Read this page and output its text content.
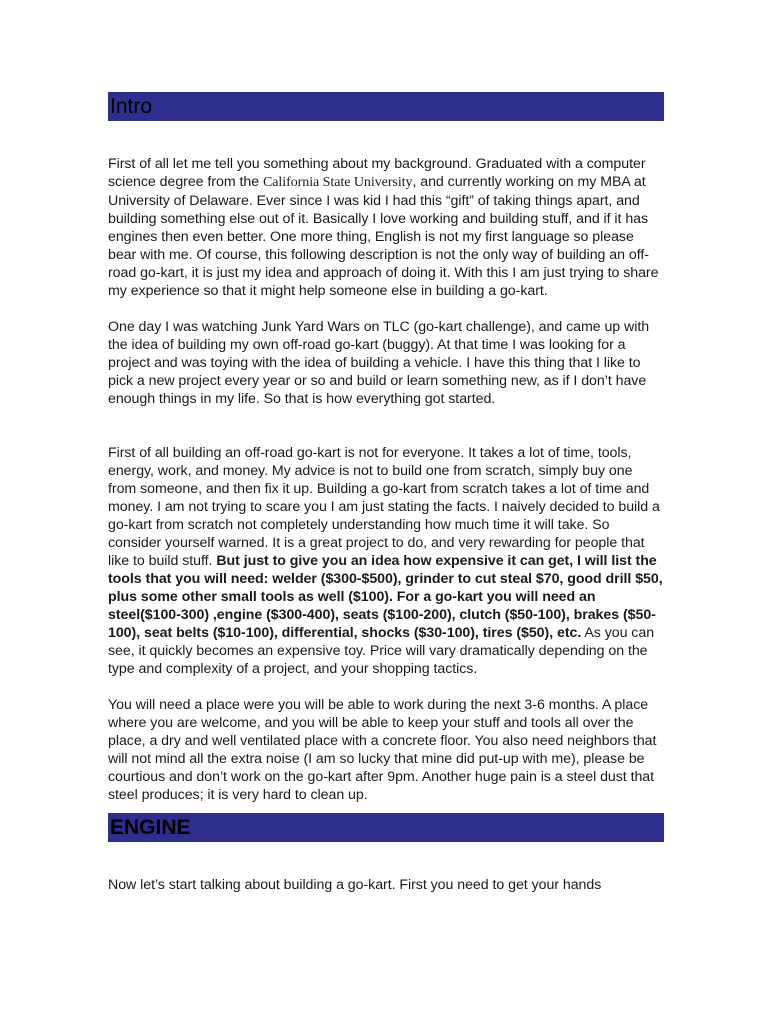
Intro

First of all let me tell you something about my background. Graduated with a computer science degree from the California State University, and currently working on my MBA at University of Delaware. Ever since I was kid I had this “gift” of taking things apart, and building something else out of it. Basically I love working and building stuff, and if it has engines then even better. One more thing, English is not my first language so please bear with me. Of course, this following description is not the only way of building an off-road go-kart, it is just my idea and approach of doing it. With this I am just trying to share my experience so that it might help someone else in building a go-kart.

One day I was watching Junk Yard Wars on TLC (go-kart challenge), and came up with the idea of building my own off-road go-kart (buggy). At that time I was looking for a project and was toying with the idea of building a vehicle. I have this thing that I like to pick a new project every year or so and build or learn something new, as if I don’t have enough things in my life. So that is how everything got started.

First of all building an off-road go-kart is not for everyone. It takes a lot of time, tools, energy, work, and money. My advice is not to build one from scratch, simply buy one from someone, and then fix it up. Building a go-kart from scratch takes a lot of time and money. I am not trying to scare you I am just stating the facts. I naively decided to build a go-kart from scratch not completely understanding how much time it will take. So consider yourself warned. It is a great project to do, and very rewarding for people that like to build stuff. But just to give you an idea how expensive it can get, I will list the tools that you will need: welder ($300-$500), grinder to cut steal $70, good drill $50, plus some other small tools as well ($100). For a go-kart you will need an steel($100-300) ,engine ($300-400), seats ($100-200), clutch ($50-100), brakes ($50-100), seat belts ($10-100), differential, shocks ($30-100), tires ($50), etc. As you can see, it quickly becomes an expensive toy. Price will vary dramatically depending on the type and complexity of a project, and your shopping tactics.

You will need a place were you will be able to work during the next 3-6 months. A place where you are welcome, and you will be able to keep your stuff and tools all over the place, a dry and well ventilated place with a concrete floor. You also need neighbors that will not mind all the extra noise (I am so lucky that mine did put-up with me), please be courtious and don’t work on the go-kart after 9pm. Another huge pain is a steel dust that steel produces; it is very hard to clean up.

ENGINE

Now let’s start talking about building a go-kart. First you need to get your hands
